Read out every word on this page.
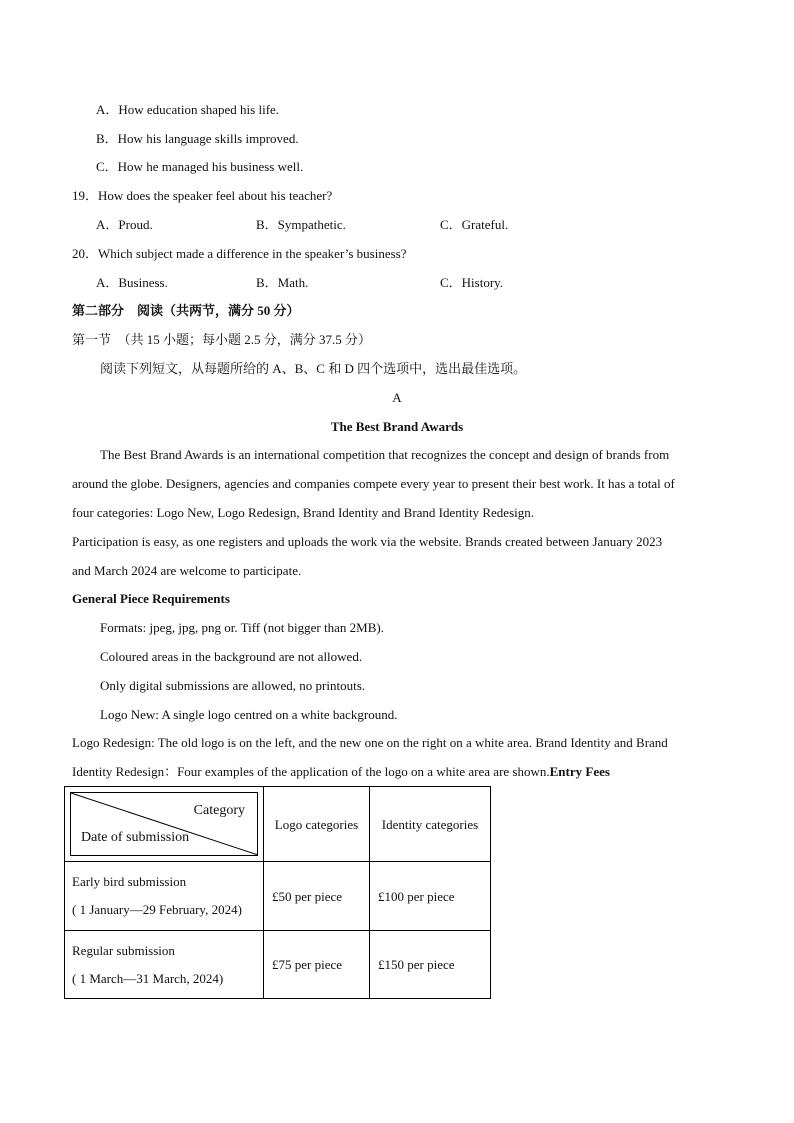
A．How education shaped his life.
B．How his language skills improved.
C．How he managed his business well.
19．How does the speaker feel about his teacher?
A．Proud.	B．Sympathetic.	C．Grateful.
20．Which subject made a difference in the speaker’s business?
A．Business.	B．Math.	C．History.
第二部分　阅读（共两节，满分 50 分）
第一节　（共 15 小题；每小题 2.5 分，满分 37.5 分）
阅读下列短文，从每题所给的 A、B、C 和 D 四个选项中，选出最佳选项。
A
The Best Brand Awards
The Best Brand Awards is an international competition that recognizes the concept and design of brands from
around the globe. Designers, agencies and companies compete every year to present their best work. It has a total of
four categories: Logo New, Logo Redesign, Brand Identity and Brand Identity Redesign.
Participation is easy, as one registers and uploads the work via the website. Brands created between January 2023
and March 2024 are welcome to participate.
General Piece Requirements
Formats: jpeg, jpg, png or. Tiff (not bigger than 2MB).
Coloured areas in the background are not allowed.
Only digital submissions are allowed, no printouts.
Logo New: A single logo centred on a white background.
Logo Redesign: The old logo is on the left, and the new one on the right on a white area. Brand Identity and Brand
Identity Redesign：Four examples of the application of the logo on a white area are shown.Entry Fees
Category
Date of submission	Logo categories	Identity categories

Early bird submission
( 1 January—29 February, 2024)	£50 per piece	£100 per piece

Regular submission
( 1 March—31 March, 2024)	£75 per piece	£150 per piece
